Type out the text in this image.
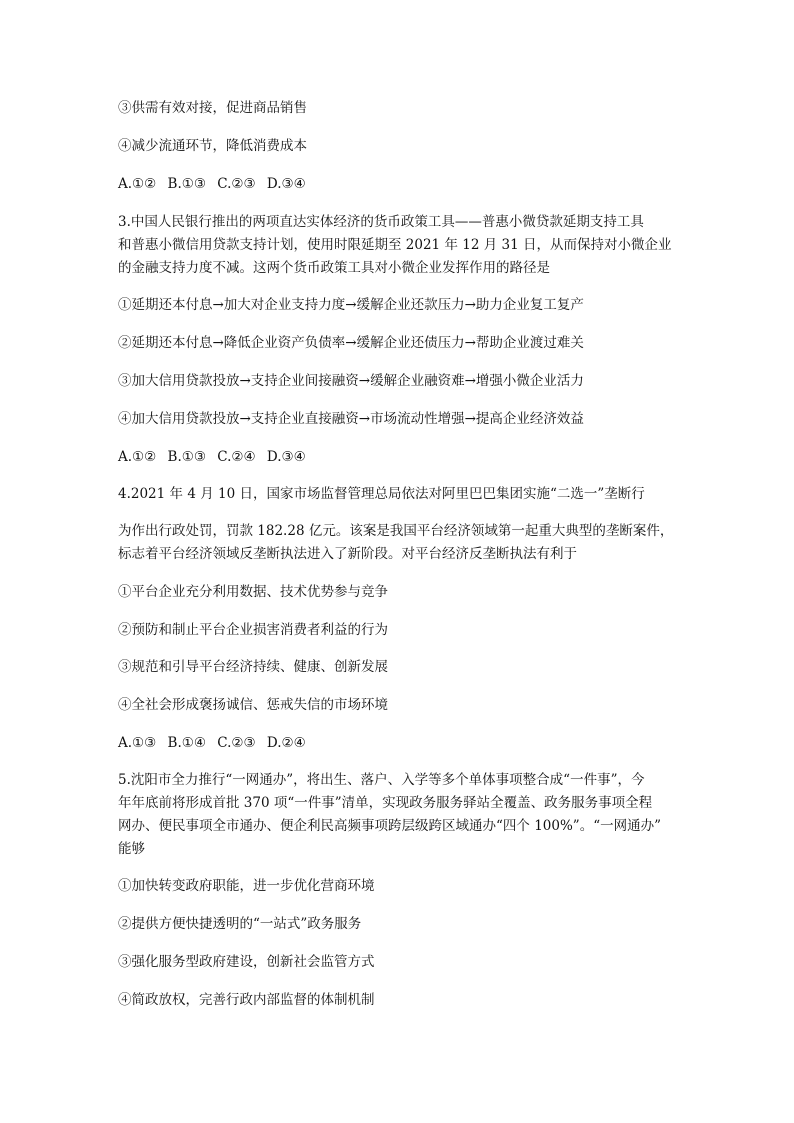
③供需有效对接，促进商品销售
④减少流通环节，降低消费成本
A.①② B.①③ C.②③ D.③④
3.中国人民银行推出的两项直达实体经济的货币政策工具——普惠小微贷款延期支持工具
和普惠小微信用贷款支持计划，使用时限延期至 2021 年 12 月 31 日，从而保持对小微企业
的金融支持力度不减。这两个货币政策工具对小微企业发挥作用的路径是
①延期还本付息→加大对企业支持力度→缓解企业还款压力→助力企业复工复产
②延期还本付息→降低企业资产负债率→缓解企业还债压力→帮助企业渡过难关
③加大信用贷款投放→支持企业间接融资→缓解企业融资难→增强小微企业活力
④加大信用贷款投放→支持企业直接融资→市场流动性增强→提高企业经济效益
A.①② B.①③ C.②④ D.③④
4.2021 年 4 月 10 日，国家市场监督管理总局依法对阿里巴巴集团实施“二选一”垄断行
为作出行政处罚，罚款 182.28 亿元。该案是我国平台经济领域第一起重大典型的垄断案件，
标志着平台经济领域反垄断执法进入了新阶段。对平台经济反垄断执法有利于
①平台企业充分利用数据、技术优势参与竞争
②预防和制止平台企业损害消费者利益的行为
③规范和引导平台经济持续、健康、创新发展
④全社会形成褒扬诚信、惩戒失信的市场环境
A.①③ B.①④ C.②③ D.②④
5.沈阳市全力推行“一网通办”，将出生、落户、入学等多个单体事项整合成“一件事”，今
年年底前将形成首批 370 项“一件事”清单，实现政务服务驿站全覆盖、政务服务事项全程
网办、便民事项全市通办、便企利民高频事项跨层级跨区域通办“四个 100%”。“一网通办”
能够
①加快转变政府职能，进一步优化营商环境
②提供方便快捷透明的“一站式”政务服务
③强化服务型政府建设，创新社会监管方式
④简政放权，完善行政内部监督的体制机制
